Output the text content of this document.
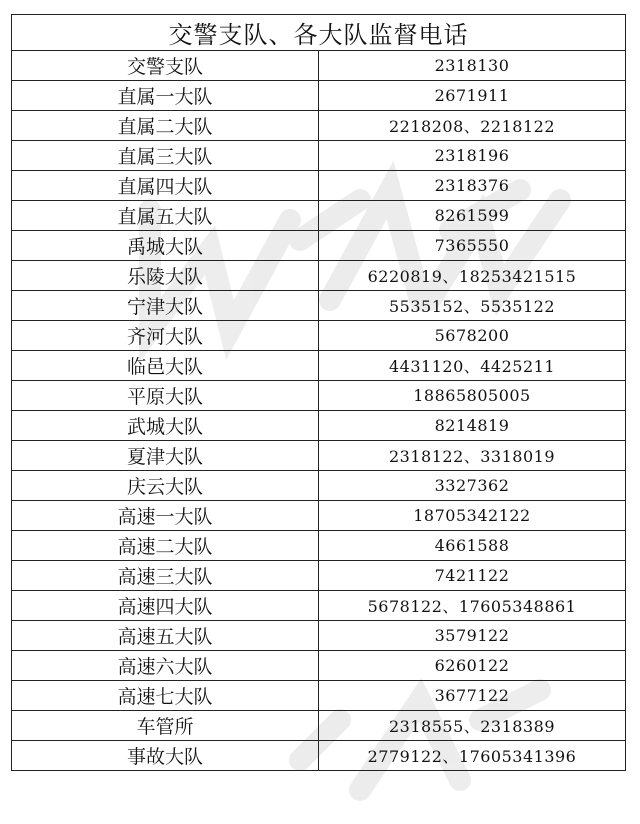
交警支队、各大队监督电话	
交警支队	2318130
直属一大队	2671911
直属二大队	2218208、2218122
直属三大队	2318196
直属四大队	2318376
直属五大队	8261599
禹城大队	7365550
乐陵大队	6220819、18253421515
宁津大队	5535152、5535122
齐河大队	5678200
临邑大队	4431120、4425211
平原大队	18865805005
武城大队	8214819
夏津大队	2318122、3318019
庆云大队	3327362
高速一大队	18705342122
高速二大队	4661588
高速三大队	7421122
高速四大队	5678122、17605348861
高速五大队	3579122
高速六大队	6260122
高速七大队	3677122
车管所	2318555、2318389
事故大队	2779122、17605341396
